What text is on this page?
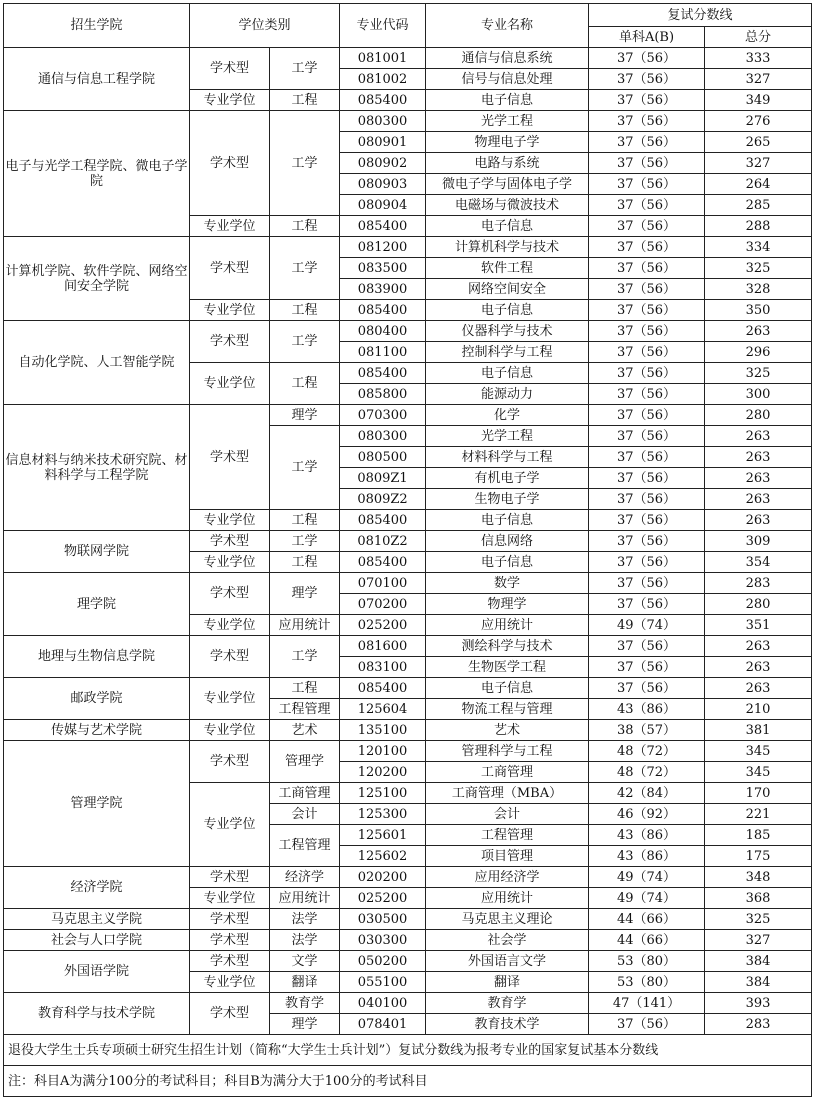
招生学院	学位类别		专业代码	专业名称	复试分数线	
					单科A(B)	总分
通信与信息工程学院	学术型	工学	081001	通信与信息系统	37（56）	333
			081002	信号与信息处理	37（56）	327
	专业学位	工程	085400	电子信息	37（56）	349
电子与光学工程学院、微电子学院	学术型	工学	080300	光学工程	37（56）	276
			080901	物理电子学	37（56）	265
			080902	电路与系统	37（56）	327
			080903	微电子学与固体电子学	37（56）	264
			080904	电磁场与微波技术	37（56）	285
	专业学位	工程	085400	电子信息	37（56）	288
计算机学院、软件学院、网络空间安全学院	学术型	工学	081200	计算机科学与技术	37（56）	334
			083500	软件工程	37（56）	325
			083900	网络空间安全	37（56）	328
	专业学位	工程	085400	电子信息	37（56）	350
自动化学院、人工智能学院	学术型	工学	080400	仪器科学与技术	37（56）	263
			081100	控制科学与工程	37（56）	296
	专业学位	工程	085400	电子信息	37（56）	325
			085800	能源动力	37（56）	300
信息材料与纳米技术研究院、材料科学与工程学院	学术型	理学	070300	化学	37（56）	280
		工学	080300	光学工程	37（56）	263
			080500	材料科学与工程	37（56）	263
			0809Z1	有机电子学	37（56）	263
			0809Z2	生物电子学	37（56）	263
	专业学位	工程	085400	电子信息	37（56）	263
物联网学院	学术型	工学	0810Z2	信息网络	37（56）	309
	专业学位	工程	085400	电子信息	37（56）	354
理学院	学术型	理学	070100	数学	37（56）	283
			070200	物理学	37（56）	280
	专业学位	应用统计	025200	应用统计	49（74）	351
地理与生物信息学院	学术型	工学	081600	测绘科学与技术	37（56）	263
			083100	生物医学工程	37（56）	263
邮政学院	专业学位	工程	085400	电子信息	37（56）	263
		工程管理	125604	物流工程与管理	43（86）	210
传媒与艺术学院	专业学位	艺术	135100	艺术	38（57）	381
管理学院	学术型	管理学	120100	管理科学与工程	48（72）	345
			120200	工商管理	48（72）	345
	专业学位	工商管理	125100	工商管理（MBA）	42（84）	170
		会计	125300	会计	46（92）	221
		工程管理	125601	工程管理	43（86）	185
			125602	项目管理	43（86）	175
经济学院	学术型	经济学	020200	应用经济学	49（74）	348
	专业学位	应用统计	025200	应用统计	49（74）	368
马克思主义学院	学术型	法学	030500	马克思主义理论	44（66）	325
社会与人口学院	学术型	法学	030300	社会学	44（66）	327
外国语学院	学术型	文学	050200	外国语言文学	53（80）	384
	专业学位	翻译	055100	翻译	53（80）	384
教育科学与技术学院	学术型	教育学	040100	教育学	47（141）	393
		理学	078401	教育技术学	37（56）	283
退役大学生士兵专项硕士研究生招生计划（简称“大学生士兵计划”）复试分数线为报考专业的国家复试基本分数线						
注：科目A为满分100分的考试科目；科目B为满分大于100分的考试科目						
